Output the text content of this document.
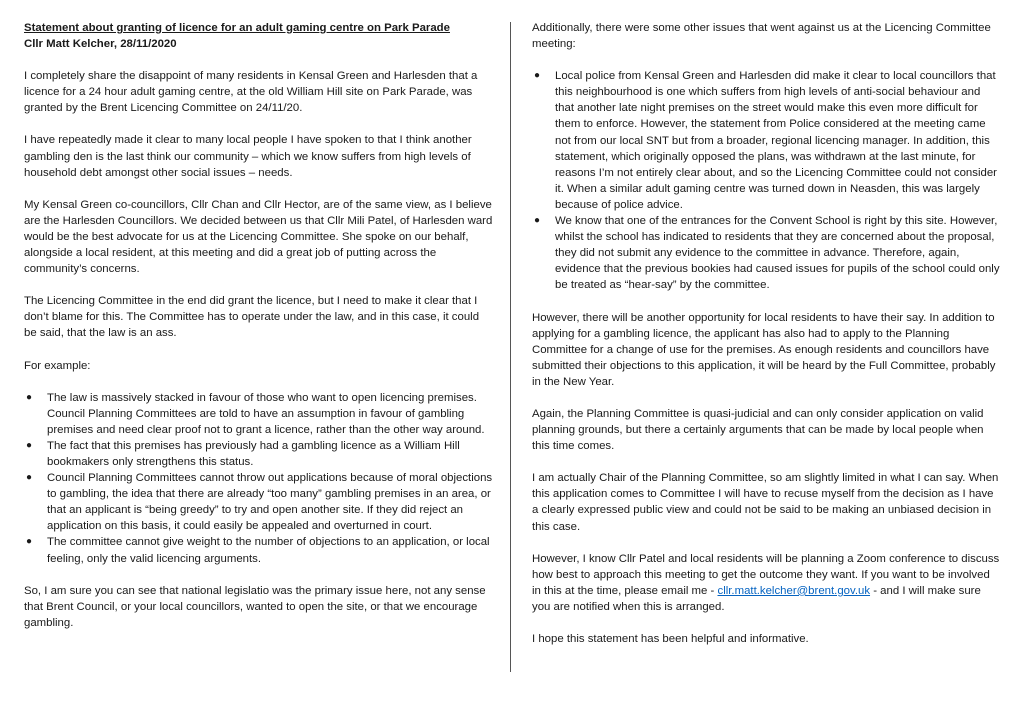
Statement about granting of licence for an adult gaming centre on Park Parade

Cllr Matt Kelcher, 28/11/2020

I completely share the disappoint of many residents in Kensal Green and Harlesden that a licence for a 24 hour adult gaming centre, at the old William Hill site on Park Parade, was granted by the Brent Licencing Committee on 24/11/20.

I have repeatedly made it clear to many local people I have spoken to that I think another gambling den is the last think our community – which we know suffers from high levels of household debt amongst other social issues – needs.

My Kensal Green co-councillors, Cllr Chan and Cllr Hector, are of the same view, as I believe are the Harlesden Councillors. We decided between us that Cllr Mili Patel, of Harlesden ward would be the best advocate for us at the Licencing Committee. She spoke on our behalf, alongside a local resident, at this meeting and did a great job of putting across the community’s concerns.

The Licencing Committee in the end did grant the licence, but I need to make it clear that I don’t blame for this. The Committee has to operate under the law, and in this case, it could be said, that the law is an ass.

For example:

● The law is massively stacked in favour of those who want to open licencing premises. Council Planning Committees are told to have an assumption in favour of gambling premises and need clear proof not to grant a licence, rather than the other way around.
● The fact that this premises has previously had a gambling licence as a William Hill bookmakers only strengthens this status.
● Council Planning Committees cannot throw out applications because of moral objections to gambling, the idea that there are already “too many” gambling premises in an area, or that an applicant is “being greedy” to try and open another site. If they did reject an application on this basis, it could easily be appealed and overturned in court.
● The committee cannot give weight to the number of objections to an application, or local feeling, only the valid licencing arguments.

So, I am sure you can see that national legislatio was the primary issue here, not any sense that Brent Council, or your local councillors, wanted to open the site, or that we encourage gambling.

Additionally, there were some other issues that went against us at the Licencing Committee meeting:

● Local police from Kensal Green and Harlesden did make it clear to local councillors that this neighbourhood is one which suffers from high levels of anti-social behaviour and that another late night premises on the street would make this even more difficult for them to enforce. However, the statement from Police considered at the meeting came not from our local SNT but from a broader, regional licencing manager. In addition, this statement, which originally opposed the plans, was withdrawn at the last minute, for reasons I’m not entirely clear about, and so the Licencing Committee could not consider it. When a similar adult gaming centre was turned down in Neasden, this was largely because of police advice.
● We know that one of the entrances for the Convent School is right by this site. However, whilst the school has indicated to residents that they are concerned about the proposal, they did not submit any evidence to the committee in advance. Therefore, again, evidence that the previous bookies had caused issues for pupils of the school could only be treated as “hear-say” by the committee.

However, there will be another opportunity for local residents to have their say. In addition to applying for a gambling licence, the applicant has also had to apply to the Planning Committee for a change of use for the premises. As enough residents and councillors have submitted their objections to this application, it will be heard by the Full Committee, probably in the New Year.

Again, the Planning Committee is quasi-judicial and can only consider application on valid planning grounds, but there a certainly arguments that can be made by local people when this time comes.

I am actually Chair of the Planning Committee, so am slightly limited in what I can say. When this application comes to Committee I will have to recuse myself from the decision as I have a clearly expressed public view and could not be said to be making an unbiased decision in this case.

However, I know Cllr Patel and local residents will be planning a Zoom conference to discuss how best to approach this meeting to get the outcome they want. If you want to be involved in this at the time, please email me - cllr.matt.kelcher@brent.gov.uk - and I will make sure you are notified when this is arranged.

I hope this statement has been helpful and informative.
